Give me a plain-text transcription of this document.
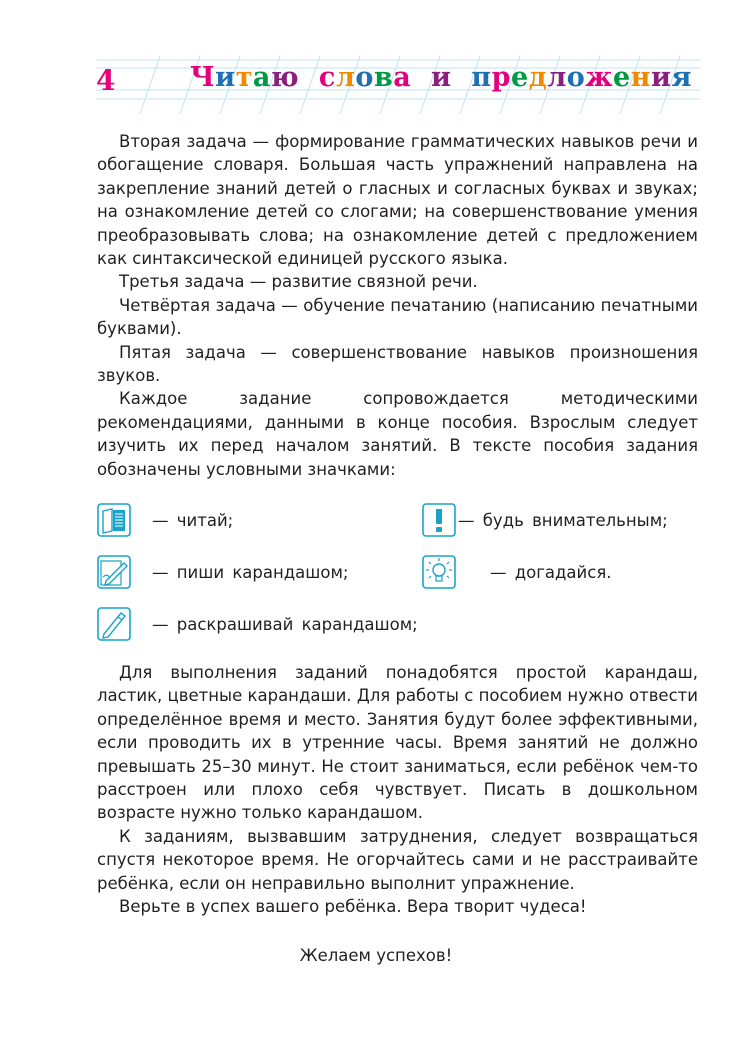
4	Читаю слова и предложения

Вторая задача — формирование грамматических навыков речи и обогащение словаря. Большая часть упражнений направлена на закрепление знаний детей о гласных и согласных буквах и звуках; на ознакомление детей со слогами; на совершенствование умения преобразовывать слова; на ознакомление детей с предложением как синтаксической единицей русского языка.

Третья задача — развитие связной речи.

Четвёртая задача — обучение печатанию (написанию печатными буквами).

Пятая задача — совершенствование навыков произношения звуков.

Каждое задание сопровождается методическими рекомендациями, данными в конце пособия. Взрослым следует изучить их перед началом занятий. В тексте пособия задания обозначены условными значками:

— читай;	— будь внимательным;
— пиши карандашом;	— догадайся.
— раскрашивай карандашом;

Для выполнения заданий понадобятся простой карандаш, ластик, цветные карандаши. Для работы с пособием нужно отвести определённое время и место. Занятия будут более эффективными, если проводить их в утренние часы. Время занятий не должно превышать 25–30 минут. Не стоит заниматься, если ребёнок чем-то расстроен или плохо себя чувствует. Писать в дошкольном возрасте нужно только карандашом.

К заданиям, вызвавшим затруднения, следует возвращаться спустя некоторое время. Не огорчайтесь сами и не расстраивайте ребёнка, если он неправильно выполнит упражнение.

Верьте в успех вашего ребёнка. Вера творит чудеса!

Желаем успехов!
